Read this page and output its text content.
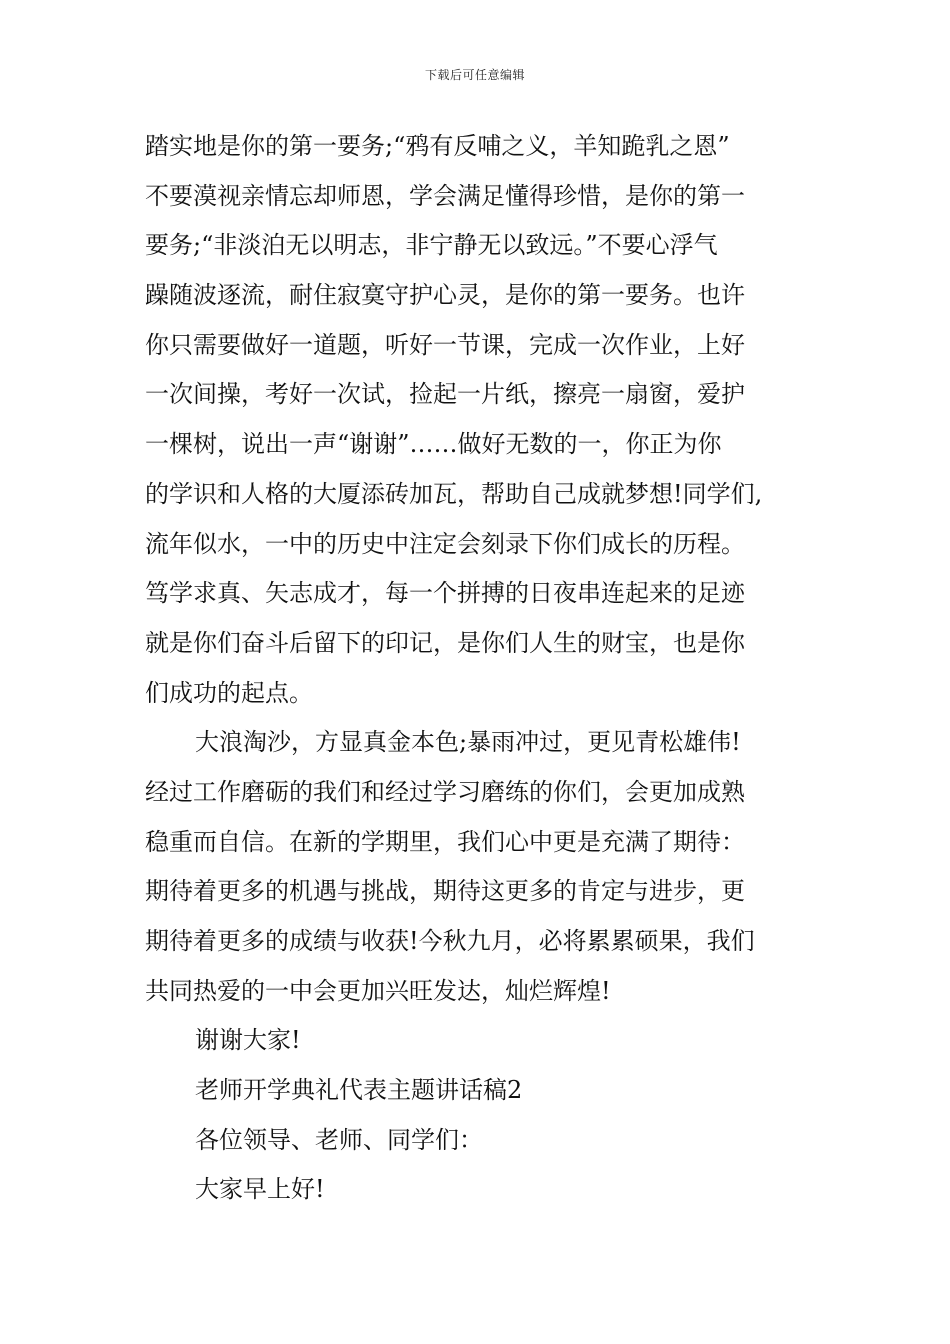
下载后可任意编辑
踏实地是你的第一要务;“鸦有反哺之义，羊知跪乳之恩”
不要漠视亲情忘却师恩，学会满足懂得珍惜，是你的第一
要务;“非淡泊无以明志，非宁静无以致远。”不要心浮气
躁随波逐流，耐住寂寞守护心灵，是你的第一要务。也许
你只需要做好一道题，听好一节课，完成一次作业，上好
一次间操，考好一次试，捡起一片纸，擦亮一扇窗，爱护
一棵树，说出一声“谢谢”……做好无数的一，你正为你
的学识和人格的大厦添砖加瓦，帮助自己成就梦想!同学们,
流年似水，一中的历史中注定会刻录下你们成长的历程。
笃学求真、矢志成才，每一个拼搏的日夜串连起来的足迹
就是你们奋斗后留下的印记，是你们人生的财宝，也是你
们成功的起点。
大浪淘沙，方显真金本色;暴雨冲过，更见青松雄伟!
经过工作磨砺的我们和经过学习磨练的你们，会更加成熟
稳重而自信。在新的学期里，我们心中更是充满了期待：
期待着更多的机遇与挑战，期待这更多的肯定与进步，更
期待着更多的成绩与收获!今秋九月，必将累累硕果，我们
共同热爱的一中会更加兴旺发达，灿烂辉煌!
谢谢大家!
老师开学典礼代表主题讲话稿2
各位领导、老师、同学们：
大家早上好!
